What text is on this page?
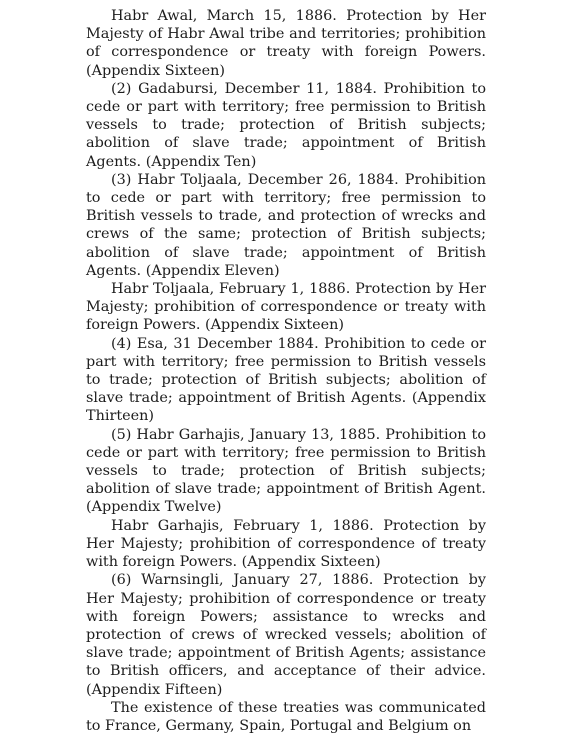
Habr Awal, March 15, 1886. Protection by Her Majesty of Habr Awal tribe and territories; prohibition of correspondence or treaty with foreign Powers.(Appendix Sixteen)

(2) Gadabursi, December 11, 1884. Prohibition to cede or part with territory; free permission to British vessels to trade; protection of British subjects; abolition of slave trade; appointment of British Agents. (Appendix Ten)

(3) Habr Toljaala, December 26, 1884. Prohibition to cede or part with territory; free permission to British vessels to trade, and protection of wrecks and crews of the same; protection of British subjects; abolition of slave trade; appointment of British Agents. (Appendix Eleven)

Habr Toljaala, February 1, 1886. Protection by Her Majesty; prohibition of correspondence or treaty with foreign Powers. (Appendix Sixteen)

(4) Esa, 31 December 1884. Prohibition to cede or part with territory; free permission to British vessels to trade; protection of British subjects; abolition of slave trade; appointment of British Agents. (Appendix Thirteen)

(5) Habr Garhajis, January 13, 1885. Prohibition to cede or part with territory; free permission to British vessels to trade; protection of British subjects; abolition of slave trade; appointment of British Agent. (Appendix Twelve)

Habr Garhajis, February 1, 1886. Protection by Her Majesty; prohibition of correspondence of treaty with foreign Powers. (Appendix Sixteen)

(6) Warnsingli, January 27, 1886. Protection by Her Majesty; prohibition of correspondence or treaty with foreign Powers; assistance to wrecks and protection of crews of wrecked vessels; abolition of slave trade; appointment of British Agents; assistance to British officers, and acceptance of their advice. (Appendix Fifteen)

The existence of these treaties was communicated to France, Germany, Spain, Portugal and Belgium on
